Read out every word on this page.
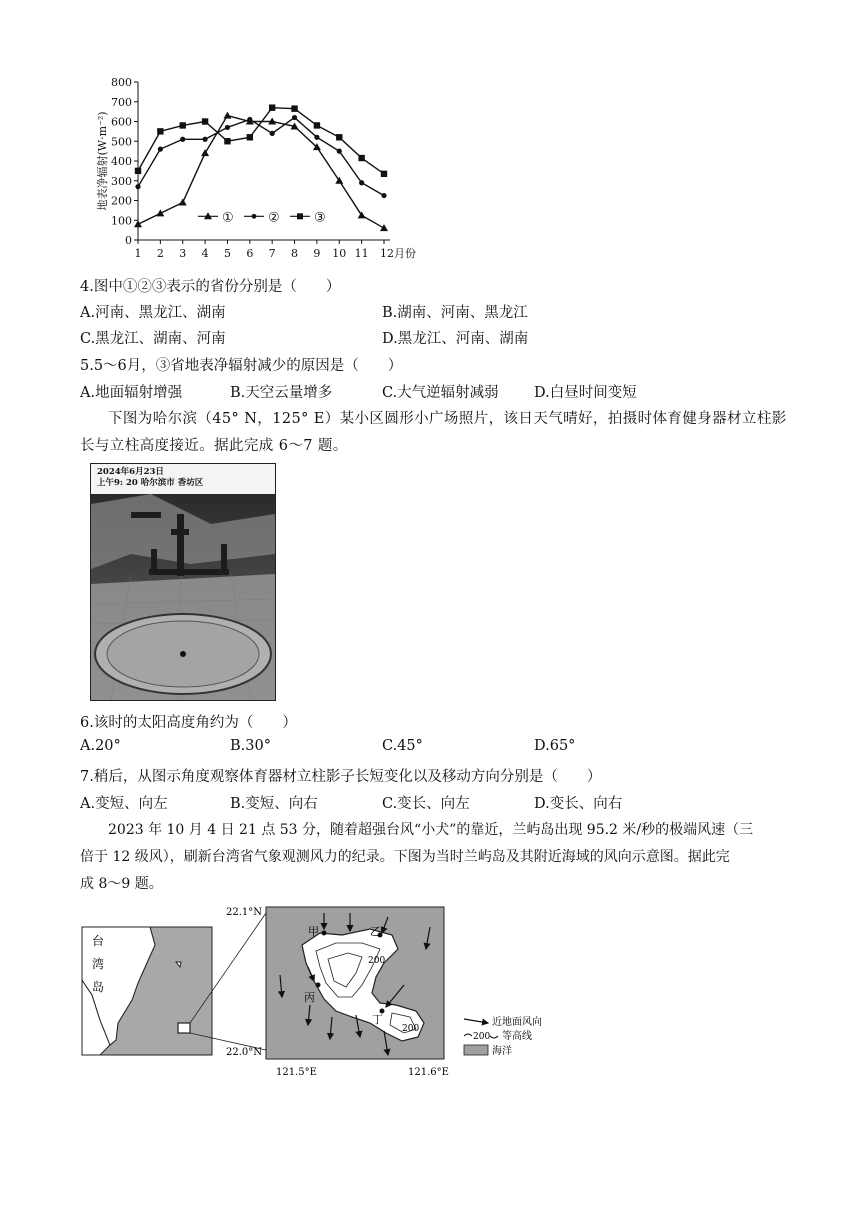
0
100
200
300
400
500
600
700
800
1 2 3 4 5 6 7 8 9 10 11 12月份
地表净辐射(W·m⁻²)
①	②	③
4.图中①②③表示的省份分别是（　　）
A.河南、黑龙江、湖南	B.湖南、河南、黑龙江
C.黑龙江、湖南、河南	D.黑龙江、河南、湖南
5.5～6月，③省地表净辐射减少的原因是（　　）
A.地面辐射增强	B.天空云量增多	C.大气逆辐射减弱 D.白昼时间变短
下图为哈尔滨（45° N，125° E）某小区圆形小广场照片，该日天气晴好，拍摄时体育健身器材立柱影
长与立柱高度接近。据此完成 6～7 题。
2024年6月23日
上午9: 20 哈尔滨市 香坊区
6.该时的太阳高度角约为（　　）
A.20°	B.30°	C.45°	D.65°
7.稍后，从图示角度观察体育器材立柱影子长短变化以及移动方向分别是（　　）
A.变短、向左	B.变短、向右	C.变长、向左	D.变长、向右
2023 年 10 月 4 日 21 点 53 分，随着超强台风“小犬”的靠近，兰屿岛出现 95.2 米/秒的极端风速（三
倍于 12 级风），刷新台湾省气象观测风力的纪录。下图为当时兰屿岛及其附近海域的风向示意图。据此完
成 8～9 题。
台
湾
岛
200
200
甲	乙
丙
丁
22.1°N
22.0°N
121.5°E	121.6°E
近地面风向
200 等高线
海洋
